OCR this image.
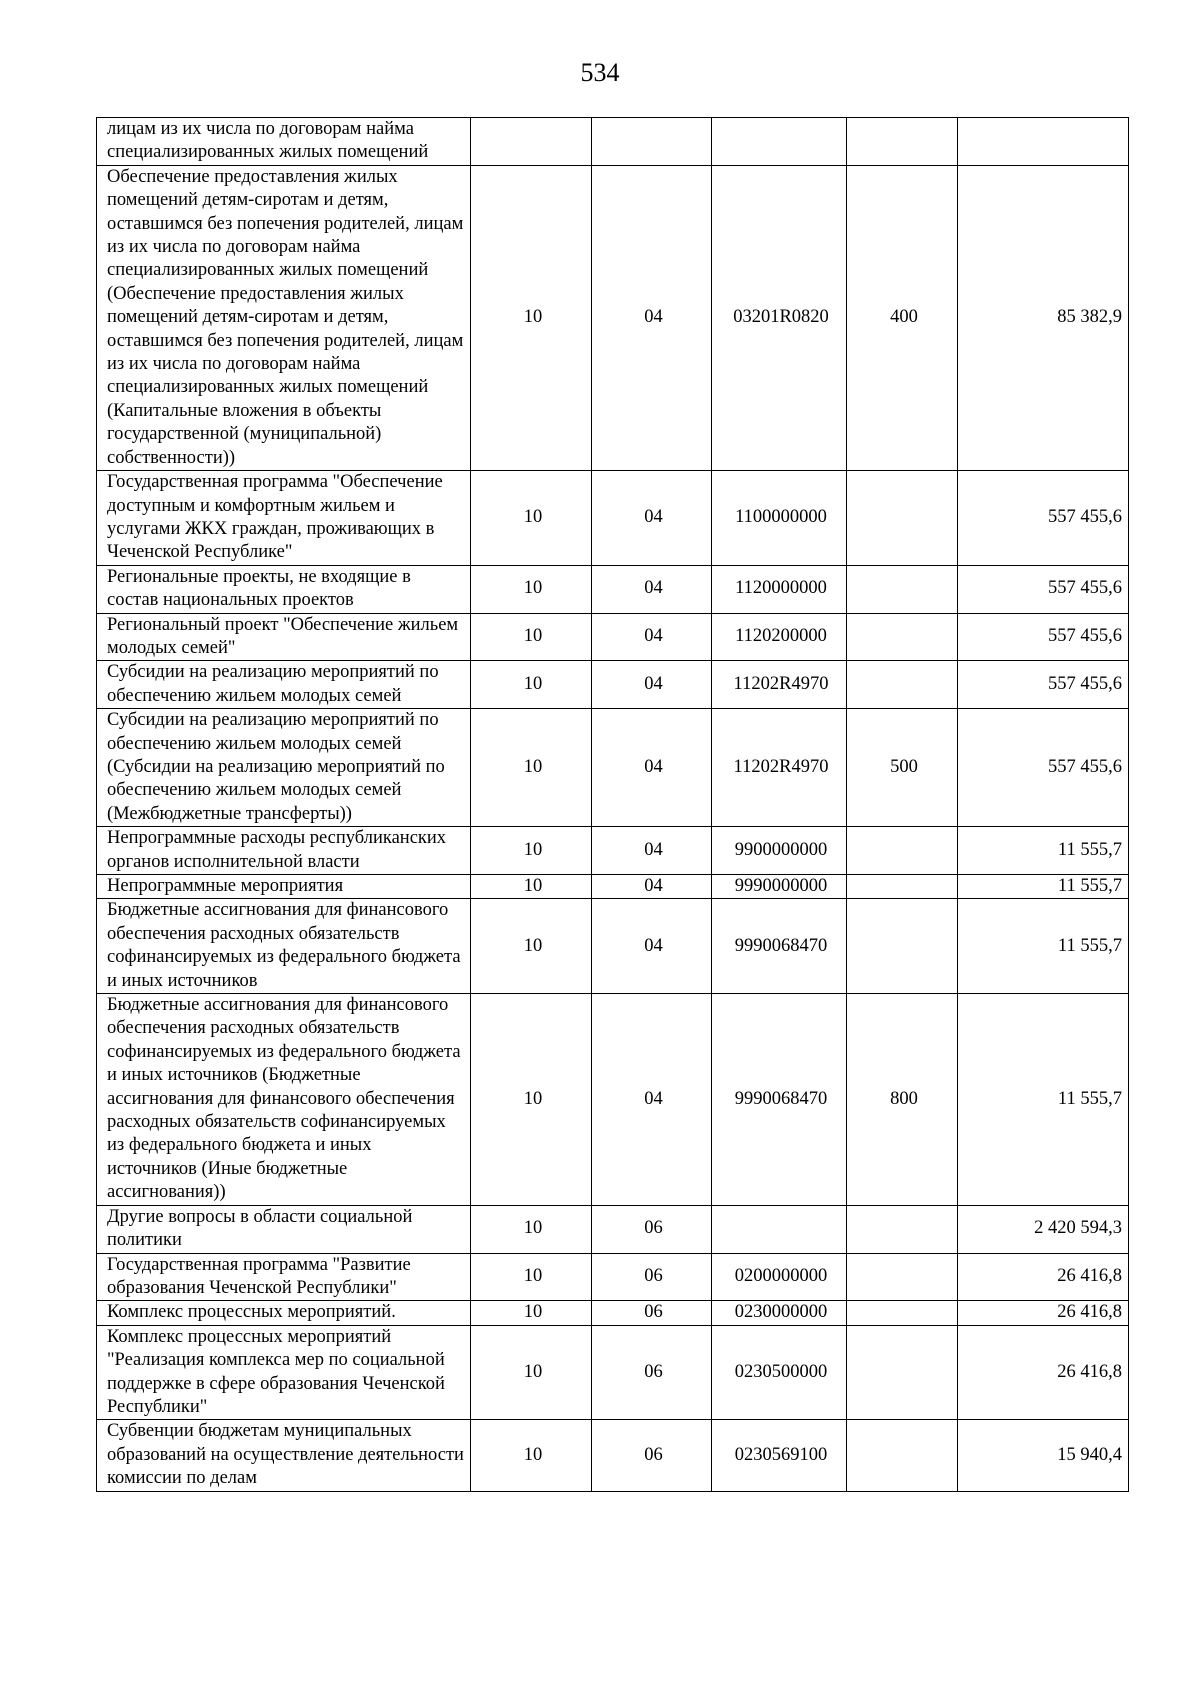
534
лицам из их числа по договорам найма специализированных жилых помещений					
Обеспечение предоставления жилых помещений детям-сиротам и детям, оставшимся без попечения родителей, лицам из их числа по договорам найма специализированных жилых помещений (Обеспечение предоставления жилых помещений детям-сиротам и детям, оставшимся без попечения родителей, лицам из их числа по договорам найма специализированных жилых помещений (Капитальные вложения в объекты государственной (муниципальной) собственности))	10	04	03201R0820	400	85 382,9
Государственная программа "Обеспечение доступным и комфортным жильем и услугами ЖКХ граждан, проживающих в Чеченской Республике"	10	04	1100000000		557 455,6
Региональные проекты, не входящие в состав национальных проектов	10	04	1120000000		557 455,6
Региональный проект "Обеспечение жильем молодых семей"	10	04	1120200000		557 455,6
Субсидии на реализацию мероприятий по обеспечению жильем молодых семей	10	04	11202R4970		557 455,6
Субсидии на реализацию мероприятий по обеспечению жильем молодых семей (Субсидии на реализацию мероприятий по обеспечению жильем молодых семей (Межбюджетные трансферты))	10	04	11202R4970	500	557 455,6
Непрограммные расходы республиканских органов исполнительной власти	10	04	9900000000		11 555,7
Непрограммные мероприятия	10	04	9990000000		11 555,7
Бюджетные ассигнования для финансового обеспечения расходных обязательств софинансируемых из федерального бюджета и иных источников	10	04	9990068470		11 555,7
Бюджетные ассигнования для финансового обеспечения расходных обязательств софинансируемых из федерального бюджета и иных источников (Бюджетные ассигнования для финансового обеспечения расходных обязательств софинансируемых из федерального бюджета и иных источников (Иные бюджетные ассигнования))	10	04	9990068470	800	11 555,7
Другие вопросы в области социальной политики	10	06			2 420 594,3
Государственная программа "Развитие образования Чеченской Республики"	10	06	0200000000		26 416,8
Комплекс процессных мероприятий.	10	06	0230000000		26 416,8
Комплекс процессных мероприятий "Реализация комплекса мер по социальной поддержке в сфере образования Чеченской Республики"	10	06	0230500000		26 416,8
Субвенции бюджетам муниципальных образований на осуществление деятельности комиссии по делам	10	06	0230569100		15 940,4
